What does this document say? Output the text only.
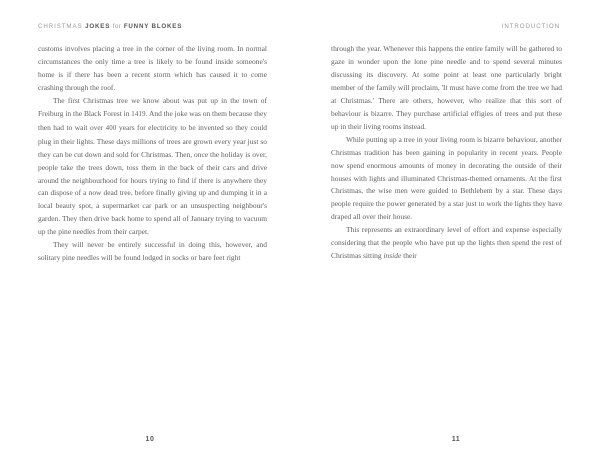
CHRISTMAS JOKES for FUNNY BLOKES

customs involves placing a tree in the corner of the living room. In normal circumstances the only time a tree is likely to be found inside someone's home is if there has been a recent storm which has caused it to come crashing through the roof.

The first Christmas tree we know about was put up in the town of Freiburg in the Black Forest in 1419. And the joke was on them because they then had to wait over 400 years for electricity to be invented so they could plug in their lights. These days millions of trees are grown every year just so they can be cut down and sold for Christmas. Then, once the holiday is over, people take the trees down, toss them in the back of their cars and drive around the neighbourhood for hours trying to find if there is anywhere they can dispose of a now dead tree, before finally giving up and dumping it in a local beauty spot, a supermarket car park or an unsuspecting neighbour's garden. They then drive back home to spend all of January trying to vacuum up the pine needles from their carpet.

They will never be entirely successful in doing this, however, and solitary pine needles will be found lodged in socks or bare feet right

10
INTRODUCTION

through the year. Whenever this happens the entire family will be gathered to gaze in wonder upon the lone pine needle and to spend several minutes discussing its discovery. At some point at least one particularly bright member of the family will proclaim, 'It must have come from the tree we had at Christmas.' There are others, however, who realize that this sort of behaviour is bizarre. They purchase artificial effigies of trees and put these up in their living rooms instead.

While putting up a tree in your living room is bizarre behaviour, another Christmas tradition has been gaining in popularity in recent years. People now spend enormous amounts of money in decorating the outside of their houses with lights and illuminated Christmas-themed ornaments. At the first Christmas, the wise men were guided to Bethlehem by a star. These days people require the power generated by a star just to work the lights they have draped all over their house.

This represents an extraordinary level of effort and expense especially considering that the people who have put up the lights then spend the rest of Christmas sitting inside their

11
